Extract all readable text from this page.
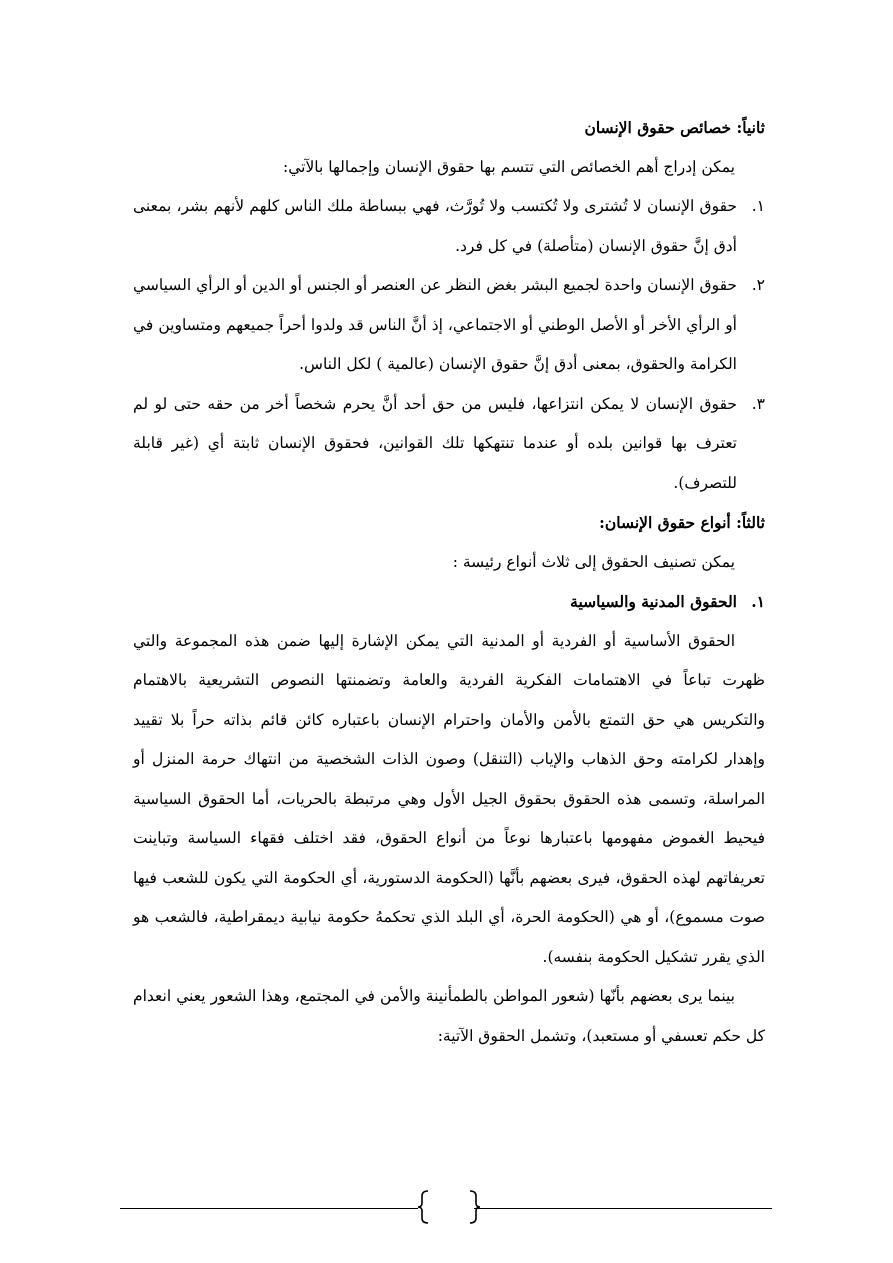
ثانياً: خصائص حقوق الإنسان

يمكن إدراج أهم الخصائص التي تتسم بها حقوق الإنسان وإجمالها بالآتي:

١.
حقوق الإنسان لا تُشترى ولا تُكتسب ولا تُورَّث، فهي ببساطة ملك الناس كلهم لأنهم بشر، بمعنى أدق إنَّ حقوق الإنسان (متأصلة) في كل فرد.
٢.
حقوق الإنسان واحدة لجميع البشر بغض النظر عن العنصر أو الجنس أو الدين أو الرأي السياسي أو الرأي الأخر أو الأصل الوطني أو الاجتماعي، إذ أنَّ الناس قد ولدوا أحراً جميعهم ومتساوين في الكرامة والحقوق، بمعنى أدق إنَّ حقوق الإنسان (عالمية ) لكل الناس.
٣.
حقوق الإنسان لا يمكن انتزاعها، فليس من حق أحد أنَّ يحرم شخصاً أخر من حقه حتى لو لم تعترف بها قوانين بلده أو عندما تنتهكها تلك القوانين، فحقوق الإنسان ثابتة أي (غير قابلة للتصرف).

ثالثاً: أنواع حقوق الإنسان:

يمكن تصنيف الحقوق إلى ثلاث أنواع رئيسة :

١.
الحقوق المدنية والسياسية

الحقوق الأساسية أو الفردية أو المدنية التي يمكن الإشارة إليها ضمن هذه المجموعة والتي ظهرت تباعاً في الاهتمامات الفكرية الفردية والعامة وتضمنتها النصوص التشريعية بالاهتمام والتكريس هي حق التمتع بالأمن والأمان واحترام الإنسان باعتباره كائن قائم بذاته حراً بلا تقييد وإهدار لكرامته وحق الذهاب والإياب (التنقل) وصون الذات الشخصية من انتهاك حرمة المنزل أو المراسلة، وتسمى هذه الحقوق بحقوق الجيل الأول وهي مرتبطة بالحريات، أما الحقوق السياسية فيحيط الغموض مفهومها باعتبارها نوعاً من أنواع الحقوق، فقد اختلف فقهاء السياسة وتباينت تعريفاتهم لهذه الحقوق، فيرى بعضهم بأنَّها (الحكومة الدستورية، أي الحكومة التي يكون للشعب فيها صوت مسموع)، أو هي (الحكومة الحرة، أي البلد الذي تحكمهُ حكومة نيابية ديمقراطية، فالشعب هو الذي يقرر تشكيل الحكومة بنفسه).

بينما يرى بعضهم بأنّها (شعور المواطن بالطمأنينة والأمن في المجتمع، وهذا الشعور يعني انعدام كل حكم تعسفي أو مستعبد)، وتشمل الحقوق الآتية:
